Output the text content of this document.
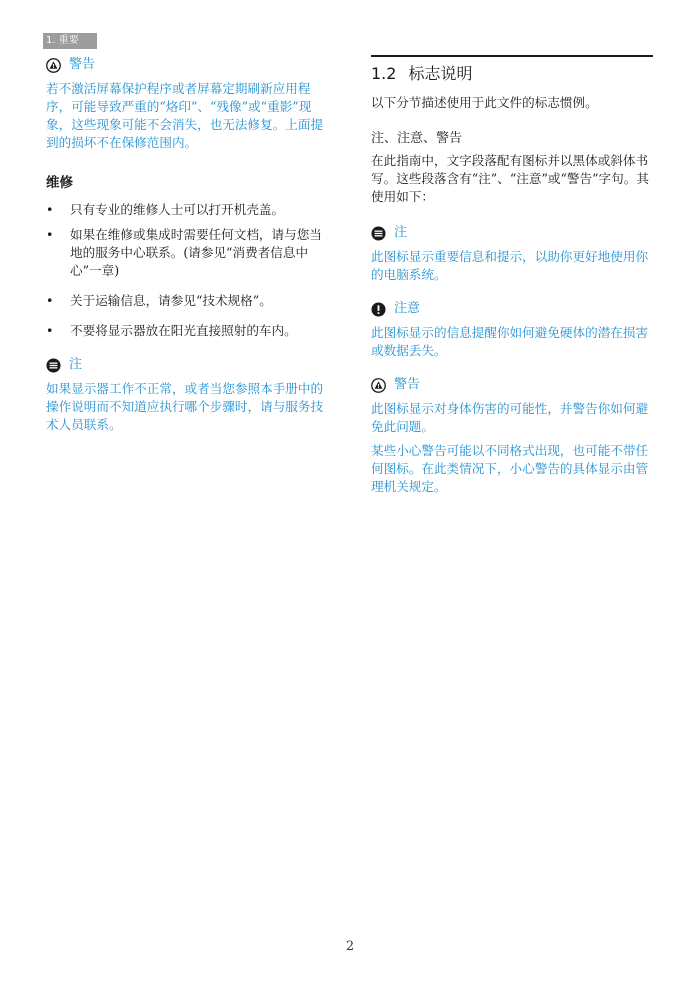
1. 重要
警告

若不激活屏幕保护程序或者屏幕定期刷新应用程序，可能导致严重的“烙印”、“残像”或“重影”现象，这些现象可能不会消失，也无法修复。上面提到的损坏不在保修范围内。

维修
• 只有专业的维修人士可以打开机壳盖。
• 如果在维修或集成时需要任何文档，请与您当地的服务中心联系。(请参见“消费者信息中心”一章)
• 关于运输信息，请参见“技术规格”。
• 不要将显示器放在阳光直接照射的车内。
注

如果显示器工作不正常，或者当您参照本手册中的操作说明而不知道应执行哪个步骤时，请与服务技术人员联系。

1.2 标志说明

以下分节描述使用于此文件的标志惯例。

注、注意、警告

在此指南中，文字段落配有图标并以黑体或斜体书写。这些段落含有“注”、“注意”或“警告”字句。其使用如下：

注

此图标显示重要信息和提示，以助你更好地使用你的电脑系统。

注意

此图标显示的信息提醒你如何避免硬体的潜在损害或数据丢失。

警告

此图标显示对身体伤害的可能性，并警告你如何避免此问题。

某些小心警告可能以不同格式出现，也可能不带任何图标。在此类情况下，小心警告的具体显示由管理机关规定。

2
